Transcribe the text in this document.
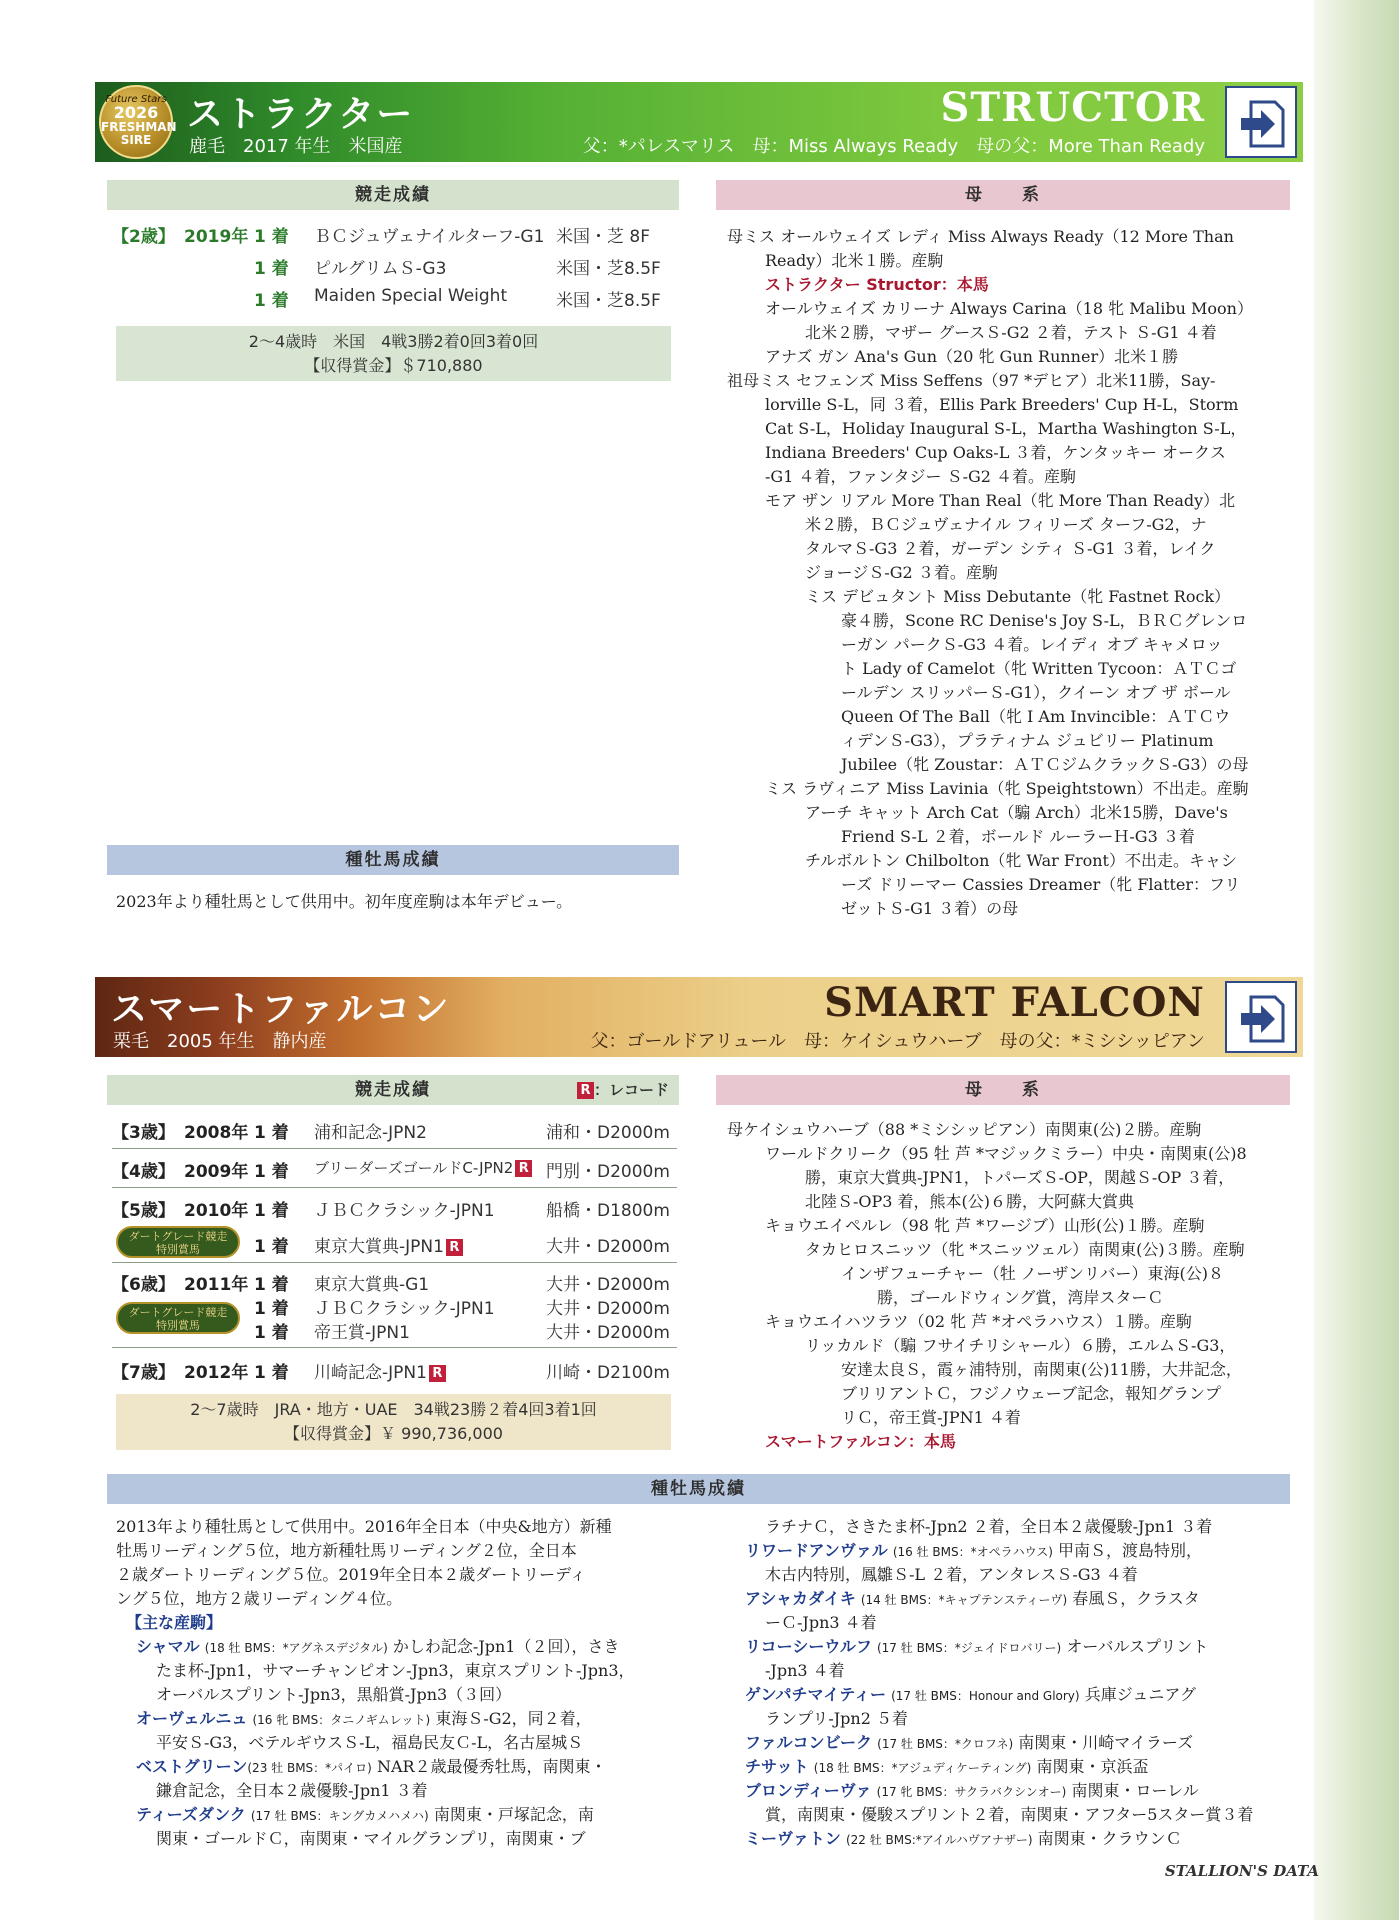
Future Stars
2026
FRESHMAN
SIRE
ストラクター
鹿毛　2017 年生　米国産
STRUCTOR
父：*パレスマリス　母：Miss Always Ready　母の父：More Than Ready
競走成績
【2歳】 2019年 1 着 ＢＣジュヴェナイルターフ-G1 米国・芝 8F
1 着 ピルグリムＳ-G3	米国・芝8.5F
1 着 Maiden Special Weight	米国・芝8.5F
2～4歳時　米国　4戦3勝2着0回3着0回
【収得賞金】＄710,880
種牡馬成績
2023年より種牡馬として供用中。初年度産駒は本年デビュー。
母　　系

母ミス オールウェイズ レディ Miss Always Ready（12 More Than

Ready）北米１勝。産駒

ストラクター Structor：本馬

オールウェイズ カリーナ Always Carina（18 牝 Malibu Moon）

北米２勝，マザー グースＳ-G2 ２着，テスト Ｓ-G1 ４着

アナズ ガン Ana's Gun（20 牝 Gun Runner）北米１勝

祖母ミス セフェンズ Miss Seffens（97 *デヒア）北米11勝，Say-

lorville S-L，同 ３着，Ellis Park Breeders' Cup H-L，Storm

Cat S-L，Holiday Inaugural S-L，Martha Washington S-L，

Indiana Breeders' Cup Oaks-L ３着，ケンタッキー オークス

-G1 ４着，ファンタジー Ｓ-G2 ４着。産駒

モア ザン リアル More Than Real（牝 More Than Ready）北

米２勝，ＢＣジュヴェナイル フィリーズ ターフ-G2，ナ

タルマＳ-G3 ２着，ガーデン シティ Ｓ-G1 ３着，レイク

ジョージＳ-G2 ３着。産駒

ミス デビュタント Miss Debutante（牝 Fastnet Rock）

豪４勝，Scone RC Denise's Joy S-L，ＢＲＣグレンロ

ーガン パークＳ-G3 ４着。レイディ オブ キャメロッ

ト Lady of Camelot（牝 Written Tycoon：ＡＴＣゴ

ールデン スリッパーＳ-G1），クイーン オブ ザ ボール

Queen Of The Ball（牝 I Am Invincible：ＡＴＣウ

ィデンＳ-G3），プラティナム ジュビリー Platinum

Jubilee（牝 Zoustar：ＡＴＣジムクラックＳ-G3）の母

ミス ラヴィニア Miss Lavinia（牝 Speightstown）不出走。産駒

アーチ キャット Arch Cat（騸 Arch）北米15勝，Dave's

Friend S-L ２着，ボールド ルーラーＨ-G3 ３着

チルボルトン Chilbolton（牝 War Front）不出走。キャシ

ーズ ドリーマー Cassies Dreamer（牝 Flatter：フリ

ゼットＳ-G1 ３着）の母

スマートファルコン
栗毛　2005 年生　静内産
SMART FALCON
父：ゴールドアリュール　母：ケイシュウハーブ　母の父：*ミシシッピアン
競走成績	R ：レコード
【3歳】 2008年 1 着 浦和記念-JPN2	浦和・D2000m
【4歳】 2009年 1 着 ブリーダーズゴールドC-JPN2 R 門別・D2000m
【5歳】 2010年 1 着 ＪＢＣクラシック-JPN1	船橋・D1800m
1 着 東京大賞典-JPN1 R	大井・D2000m
【6歳】 2011年 1 着 東京大賞典-G1	大井・D2000m
1 着 ＪＢＣクラシック-JPN1	大井・D2000m
1 着 帝王賞-JPN1	大井・D2000m
【7歳】 2012年 1 着 川崎記念-JPN1 R	川崎・D2100m
ダートグレード競走
特別賞馬
ダートグレード競走
特別賞馬
2～7歳時　JRA・地方・UAE　34戦23勝２着4回3着1回
【収得賞金】￥ 990,736,000
母　　系

母ケイシュウハーブ（88 *ミシシッピアン）南関東(公)２勝。産駒

ワールドクリーク（95 牡 芦 *マジックミラー）中央・南関東(公)8

勝，東京大賞典-JPN1，トパーズＳ-OP，関越Ｓ-OP ３着，

北陸Ｓ-OP3 着，熊本(公)６勝，大阿蘇大賞典

キョウエイペルレ（98 牝 芦 *ワージブ）山形(公)１勝。産駒

タカヒロスニッツ（牝 *スニッツェル）南関東(公)３勝。産駒

インザフューチャー（牡 ノーザンリバー）東海(公)８

勝，ゴールドウィング賞，湾岸スターＣ

キョウエイハツラツ（02 牝 芦 *オペラハウス）１勝。産駒

リッカルド（騸 フサイチリシャール）６勝，エルムＳ-G3，

安達太良Ｓ，霞ヶ浦特別，南関東(公)11勝，大井記念，

ブリリアントＣ，フジノウェーブ記念，報知グランプ

リＣ，帝王賞-JPN1 ４着

スマートファルコン：本馬

種牡馬成績

2013年より種牡馬として供用中。2016年全日本（中央&地方）新種

牡馬リーディング５位，地方新種牡馬リーディング２位，全日本

２歳ダートリーディング５位。2019年全日本２歳ダートリーディ

ング５位，地方２歳リーディング４位。

【主な産駒】

シャマル (18 牡 BMS：*アグネスデジタル) かしわ記念-Jpn1（２回），さき

たま杯-Jpn1，サマーチャンピオン-Jpn3，東京スプリント-Jpn3，

オーバルスプリント-Jpn3，黒船賞-Jpn3（３回）

オーヴェルニュ (16 牝 BMS：タニノギムレット) 東海Ｓ-G2，同２着，

平安Ｓ-G3，ベテルギウスＳ-L，福島民友Ｃ-L，名古屋城Ｓ

ベストグリーン(23 牡 BMS：*パイロ) NAR２歳最優秀牡馬，南関東・

鎌倉記念，全日本２歳優駿-Jpn1 ３着

ティーズダンク (17 牡 BMS：キングカメハメハ) 南関東・戸塚記念，南

関東・ゴールドＣ，南関東・マイルグランプリ，南関東・ブ

ラチナＣ，さきたま杯-Jpn2 ２着，全日本２歳優駿-Jpn1 ３着

リワードアンヴァル (16 牡 BMS：*オペラハウス) 甲南Ｓ，渡島特別，

木古内特別，鳳雛Ｓ-L ２着，アンタレスＳ-G3 ４着

アシャカダイキ (14 牡 BMS：*キャプテンスティーヴ) 春風Ｓ，クラスタ

ーＣ-Jpn3 ４着

リコーシーウルフ (17 牡 BMS：*ジェイドロバリー) オーバルスプリント

-Jpn3 ４着

ゲンパチマイティー (17 牡 BMS：Honour and Glory) 兵庫ジュニアグ

ランプリ-Jpn2 ５着

ファルコンビーク (17 牡 BMS：*クロフネ) 南関東・川崎マイラーズ

チサット (18 牡 BMS：*アジュディケーティング) 南関東・京浜盃

ブロンディーヴァ (17 牝 BMS：サクラバクシンオー) 南関東・ローレル

賞，南関東・優駿スプリント２着，南関東・アフター5スター賞３着

ミーヴァトン (22 牡 BMS:*アイルハヴアナザー) 南関東・クラウンＣ

STALLION'S DATA
